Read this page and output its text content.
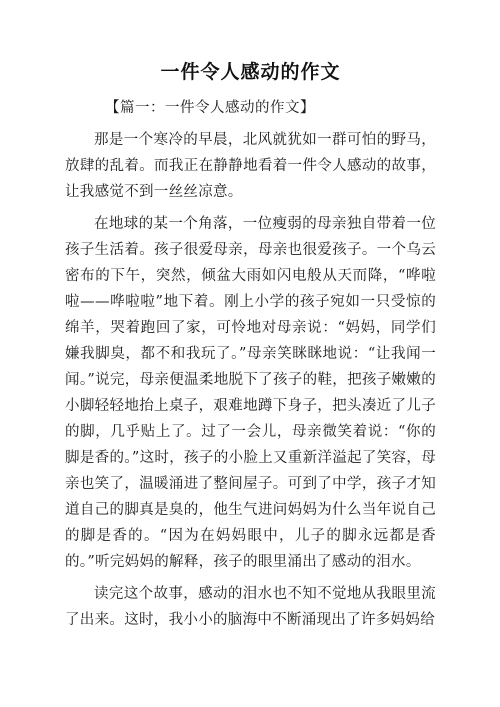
一件令人感动的作文
【篇一：一件令人感动的作文】

那是一个寒冷的早晨，北风就犹如一群可怕的野马，放肆的乱着。而我正在静静地看着一件令人感动的故事，让我感觉不到一丝丝凉意。

在地球的某一个角落，一位瘦弱的母亲独自带着一位孩子生活着。孩子很爱母亲，母亲也很爱孩子。一个乌云密布的下午，突然，倾盆大雨如闪电般从天而降，“哗啦啦——哗啦啦”地下着。刚上小学的孩子宛如一只受惊的绵羊，哭着跑回了家，可怜地对母亲说：“妈妈，同学们嫌我脚臭，都不和我玩了。”母亲笑眯眯地说：“让我闻一闻。”说完，母亲便温柔地脱下了孩子的鞋，把孩子嫩嫩的小脚轻轻地抬上桌子，艰难地蹲下身子，把头凑近了儿子的脚，几乎贴上了。过了一会儿，母亲微笑着说：“你的脚是香的。”这时，孩子的小脸上又重新洋溢起了笑容，母亲也笑了，温暖涌进了整间屋子。可到了中学，孩子才知道自己的脚真是臭的，他生气进问妈妈为什么当年说自己的脚是香的。“因为在妈妈眼中，儿子的脚永远都是香的。”听完妈妈的解释，孩子的眼里涌出了感动的泪水。

读完这个故事，感动的泪水也不知不觉地从我眼里流了出来。这时，我小小的脑海中不断涌现出了许多妈妈给
